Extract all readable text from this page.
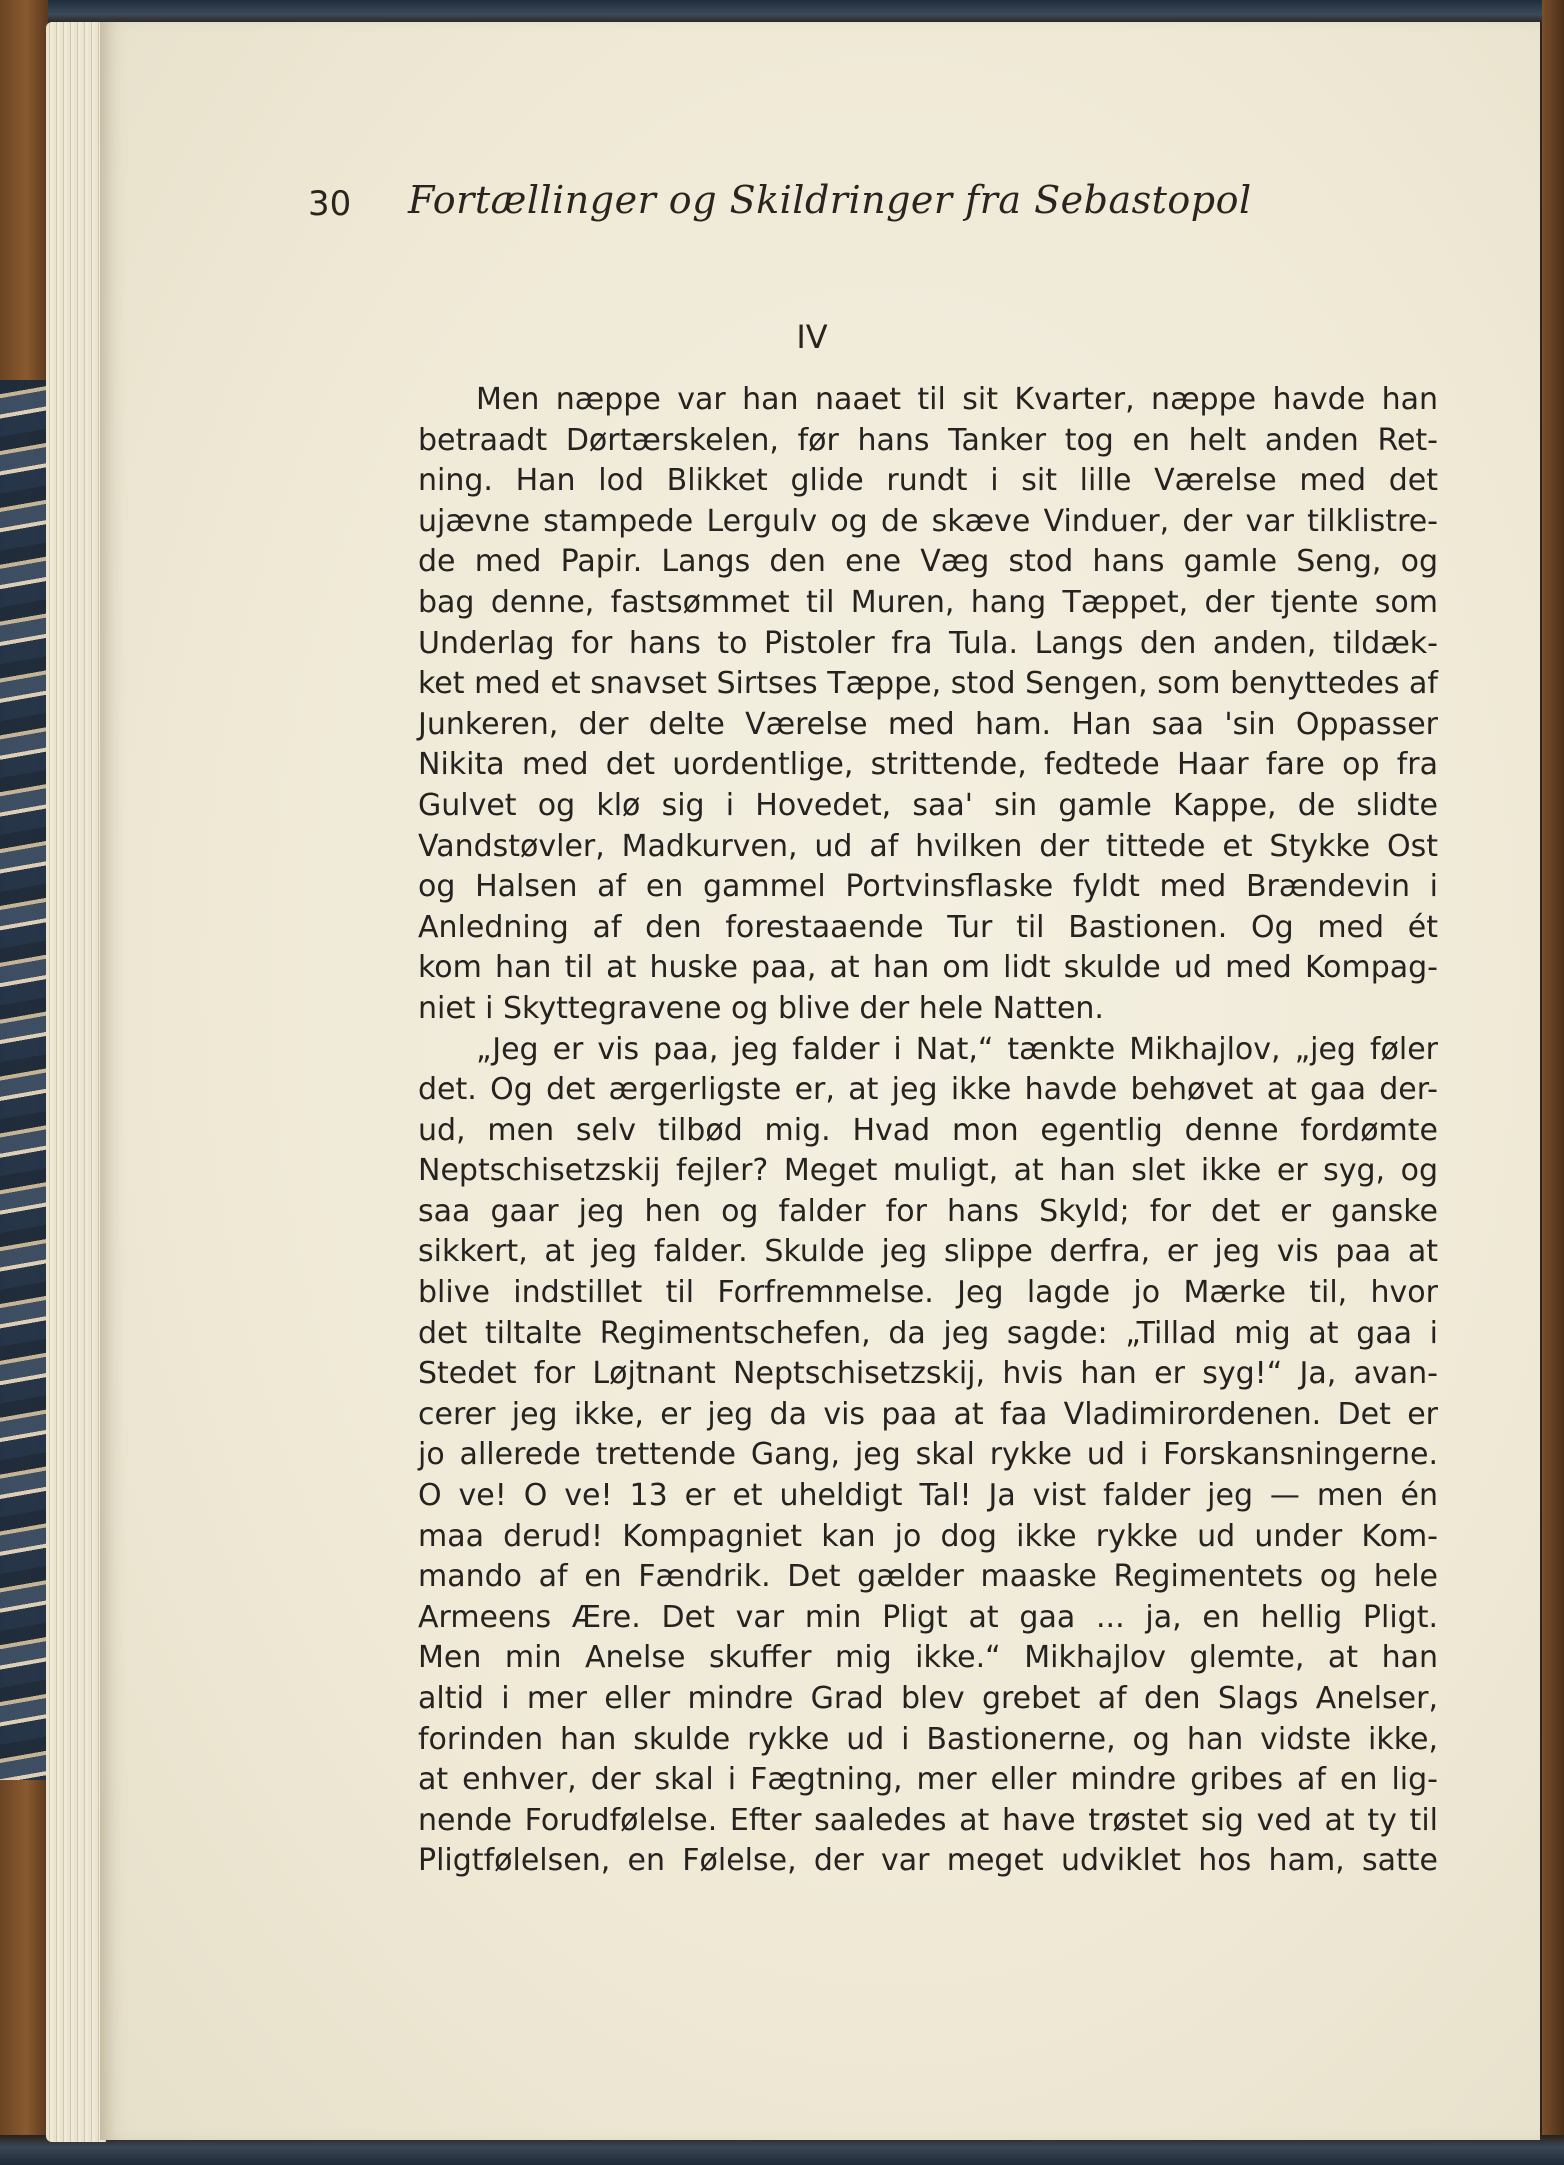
30 Fortællinger og Skildringer fra Sebastopol
IV
Men næppe var han naaet til sit Kvarter, næppe havde han
betraadt Dørtærskelen, før hans Tanker tog en helt anden Ret-
ning. Han lod Blikket glide rundt i sit lille Værelse med det
ujævne stampede Lergulv og de skæve Vinduer, der var tilklistre-
de med Papir. Langs den ene Væg stod hans gamle Seng, og
bag denne, fastsømmet til Muren, hang Tæppet, der tjente som
Underlag for hans to Pistoler fra Tula. Langs den anden, tildæk-
ket med et snavset Sirtses Tæppe, stod Sengen, som benyttedes af
Junkeren, der delte Værelse med ham. Han saa 'sin Oppasser
Nikita med det uordentlige, strittende, fedtede Haar fare op fra
Gulvet og klø sig i Hovedet, saa' sin gamle Kappe, de slidte
Vandstøvler, Madkurven, ud af hvilken der tittede et Stykke Ost
og Halsen af en gammel Portvinsflaske fyldt med Brændevin i
Anledning af den forestaaende Tur til Bastionen. Og med ét
kom han til at huske paa, at han om lidt skulde ud med Kompag-
niet i Skyttegravene og blive der hele Natten.
„Jeg er vis paa, jeg falder i Nat,“ tænkte Mikhajlov, „jeg føler
det. Og det ærgerligste er, at jeg ikke havde behøvet at gaa der-
ud, men selv tilbød mig. Hvad mon egentlig denne fordømte
Neptschisetzskij fejler? Meget muligt, at han slet ikke er syg, og
saa gaar jeg hen og falder for hans Skyld; for det er ganske
sikkert, at jeg falder. Skulde jeg slippe derfra, er jeg vis paa at
blive indstillet til Forfremmelse. Jeg lagde jo Mærke til, hvor
det tiltalte Regimentschefen, da jeg sagde: „Tillad mig at gaa i
Stedet for Løjtnant Neptschisetzskij, hvis han er syg!“ Ja, avan-
cerer jeg ikke, er jeg da vis paa at faa Vladimirordenen. Det er
jo allerede trettende Gang, jeg skal rykke ud i Forskansningerne.
O ve! O ve! 13 er et uheldigt Tal! Ja vist falder jeg — men én
maa derud! Kompagniet kan jo dog ikke rykke ud under Kom-
mando af en Fændrik. Det gælder maaske Regimentets og hele
Armeens Ære. Det var min Pligt at gaa ... ja, en hellig Pligt.
Men min Anelse skuffer mig ikke.“ Mikhajlov glemte, at han
altid i mer eller mindre Grad blev grebet af den Slags Anelser,
forinden han skulde rykke ud i Bastionerne, og han vidste ikke,
at enhver, der skal i Fægtning, mer eller mindre gribes af en lig-
nende Forudfølelse. Efter saaledes at have trøstet sig ved at ty til
Pligtfølelsen, en Følelse, der var meget udviklet hos ham, satte
